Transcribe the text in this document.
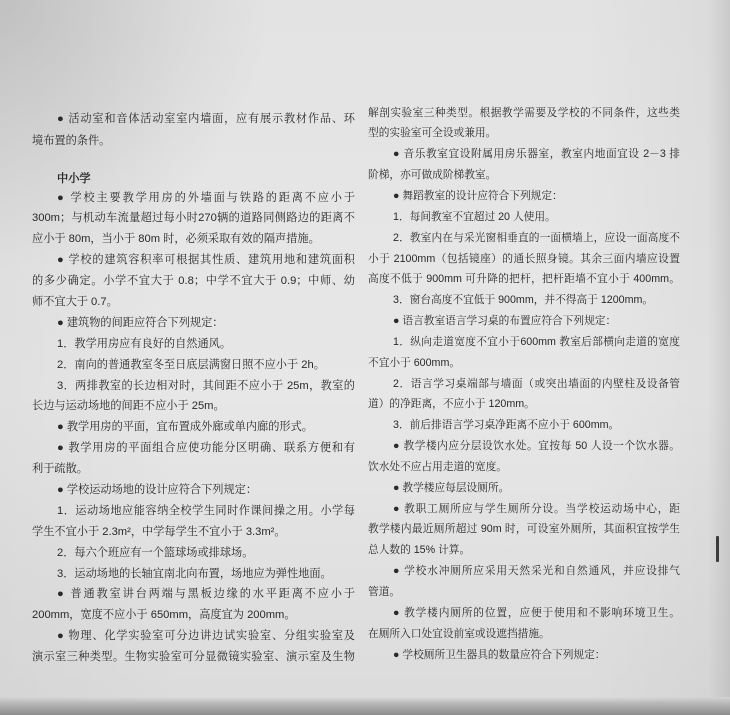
● 活动室和音体活动室室内墙面，应有展示教材作品、环
境布置的条件。
中小学
● 学校主要教学用房的外墙面与铁路的距离不应小于
300m；与机动车流量超过每小时270辆的道路同侧路边的距离不
应小于 80m，当小于 80m 时，必须采取有效的隔声措施。
● 学校的建筑容积率可根据其性质、建筑用地和建筑面积
的多少确定。小学不宜大于 0.8；中学不宜大于 0.9；中师、幼
师不宜大于 0.7。
● 建筑物的间距应符合下列规定：
1．教学用房应有良好的自然通风。
2．南向的普通教室冬至日底层满窗日照不应小于 2h。
3．两排教室的长边相对时，其间距不应小于 25m，教室的
长边与运动场地的间距不应小于 25m。
● 教学用房的平面，宜布置成外廊或单内廊的形式。
● 教学用房的平面组合应使功能分区明确、联系方便和有
利于疏散。
● 学校运动场地的设计应符合下列规定：
1．运动场地应能容纳全校学生同时作课间操之用。小学每
学生不宜小于 2.3m²，中学每学生不宜小于 3.3m²。
2．每六个班应有一个篮球场或排球场。
3．运动场地的长轴宜南北向布置，场地应为弹性地面。
● 普通教室讲台两端与黑板边缘的水平距离不应小于
200mm，宽度不应小于 650mm，高度宜为 200mm。
● 物理、化学实验室可分边讲边试实验室、分组实验室及
演示室三种类型。生物实验室可分显微镜实验室、演示室及生物
解剖实验室三种类型。根据教学需要及学校的不同条件，这些类
型的实验室可全设或兼用。
● 音乐教室宜设附属用房乐器室，教室内地面宜设 2－3 排
阶梯，亦可做成阶梯教室。
● 舞蹈教室的设计应符合下列规定：
1．每间教室不宜超过 20 人使用。
2．教室内在与采光窗相垂直的一面横墙上，应设一面高度不
小于 2100mm（包括镜座）的通长照身镜。其余三面内墙应设置
高度不低于 900mm 可升降的把杆，把杆距墙不宜小于 400mm。
3．窗台高度不宜低于 900mm，并不得高于 1200mm。
● 语言教室语言学习桌的布置应符合下列规定：
1．纵向走道宽度不宜小于600mm 教室后部横向走道的宽度
不宜小于 600mm。
2．语言学习桌端部与墙面（或突出墙面的内壁柱及设备管
道）的净距离，不应小于 120mm。
3．前后排语言学习桌净距离不应小于 600mm。
● 教学楼内应分层设饮水处。宜按每 50 人设一个饮水器。
饮水处不应占用走道的宽度。
● 教学楼应每层设厕所。
● 教职工厕所应与学生厕所分设。当学校运动场中心，距
教学楼内最近厕所超过 90m 时，可设室外厕所，其面积宜按学生
总人数的 15% 计算。
● 学校水冲厕所应采用天然采光和自然通风，并应设排气
管道。
● 教学楼内厕所的位置，应便于使用和不影响环境卫生。
在厕所入口处宜设前室或设遮挡措施。
● 学校厕所卫生器具的数量应符合下列规定：
